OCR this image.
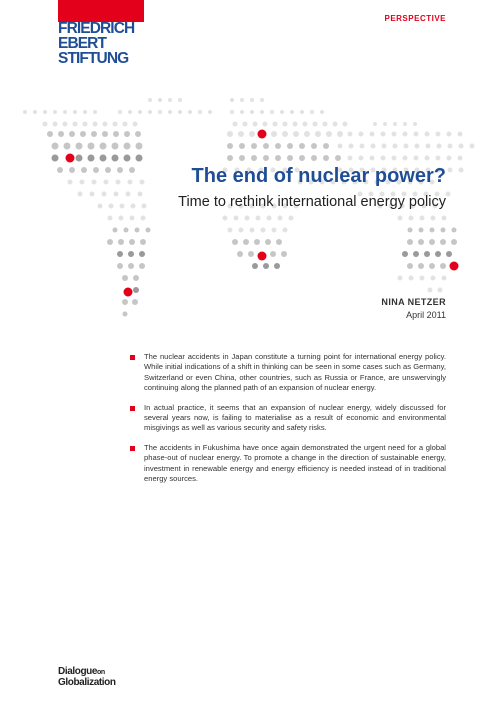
FRIEDRICH
EBERT
STIFTUNG
PERSPECTIVE
The end of nuclear power?
Time to rethink international energy policy
NINA NETZER
April 2011
The nuclear accidents in Japan constitute a turning point for international energy policy. While initial indications of a shift in thinking can be seen in some cases such as Germany, Switzerland or even China, other countries, such as Russia or France, are unswervingly continuing along the planned path of an expansion of nuclear energy.
In actual practice, it seems that an expansion of nuclear energy, widely discussed for several years now, is failing to materialise as a result of economic and environmental misgivings as well as various security and safety risks.
The accidents in Fukushima have once again demonstrated the urgent need for a global phase-out of nuclear energy. To promote a change in the direction of sustainable energy, investment in renewable energy and energy efficiency is needed instead of in traditional energy sources.
Dialogueon
Globalization
